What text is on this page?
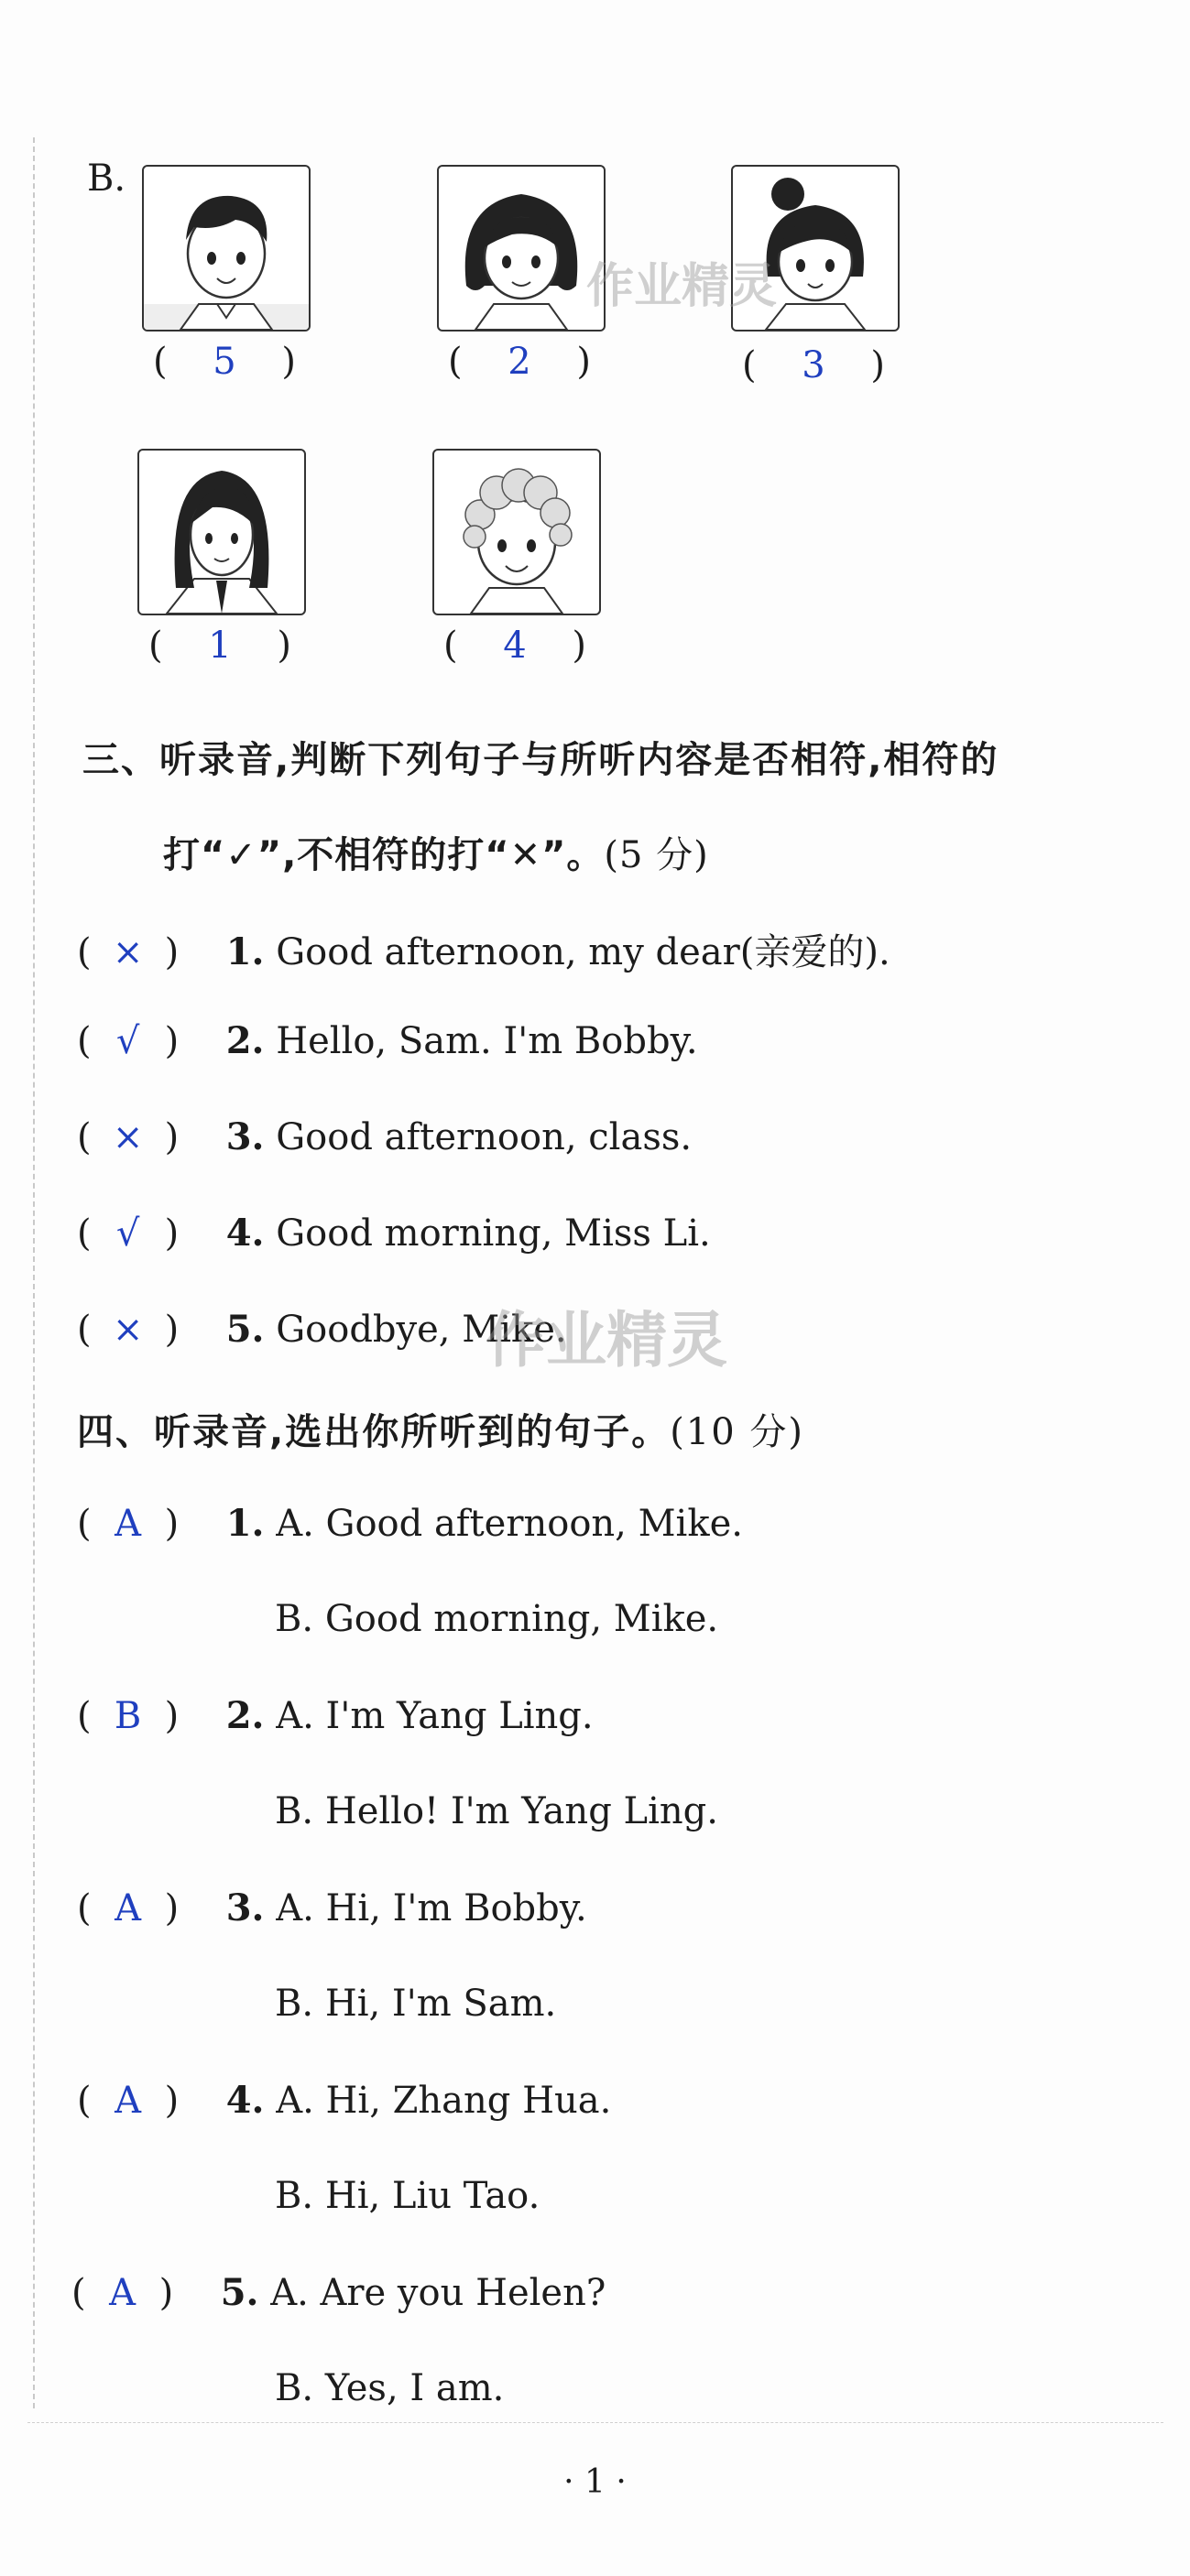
B.
( 5 )	( 2 )	( 3 )
作业精灵
( 1 )	( 4 )
三、听录音,判断下列句子与所听内容是否相符,相符的
打“✓”,不相符的打“✕”。(5 分)
( × ) 1. Good afternoon, my dear(亲爱的).
( √ ) 2. Hello, Sam. I'm Bobby.
( × ) 3. Good afternoon, class.
( √ ) 4. Good morning, Miss Li.
( × ) 5. Goodbye, Mike.
作业精灵
四、听录音,选出你所听到的句子。(10 分)
( A ) 1. A. Good afternoon, Mike.
B. Good morning, Mike.
( B ) 2. A. I'm Yang Ling.
B. Hello! I'm Yang Ling.
( A ) 3. A. Hi, I'm Bobby.
B. Hi, I'm Sam.
( A ) 4. A. Hi, Zhang Hua.
B. Hi, Liu Tao.
( A ) 5. A. Are you Helen?
B. Yes, I am.
· 1 ·
